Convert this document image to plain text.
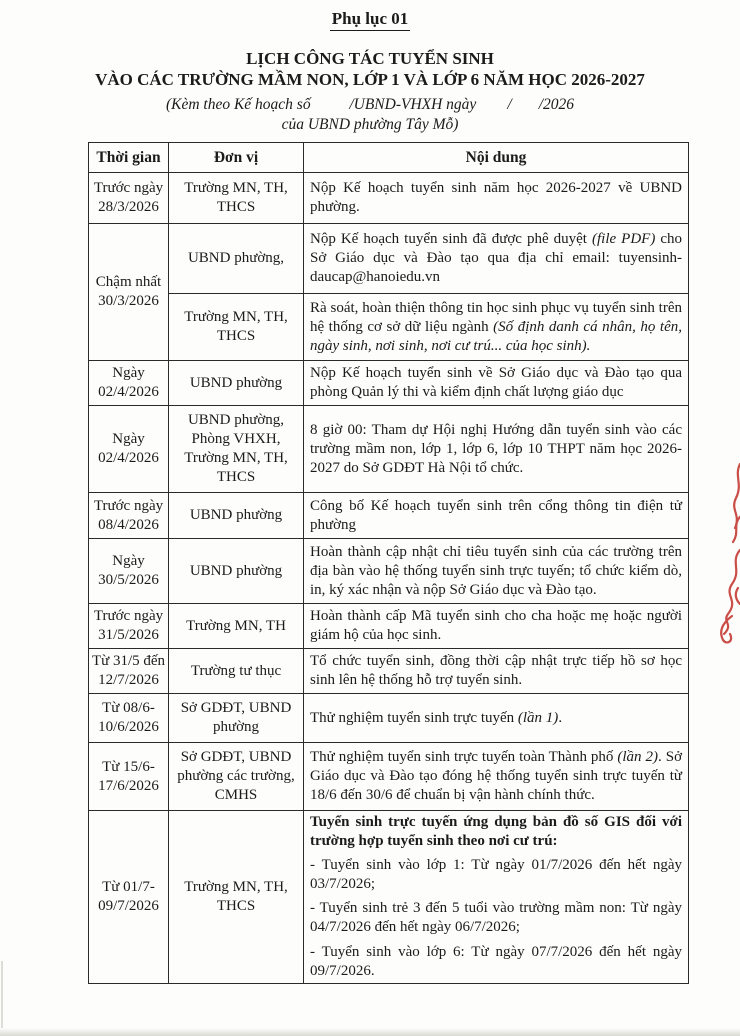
Phụ lục 01

LỊCH CÔNG TÁC TUYỂN SINH

VÀO CÁC TRƯỜNG MẦM NON, LỚP 1 VÀ LỚP 6 NĂM HỌC 2026-2027

(Kèm theo Kế hoạch số          /UBND-VHXH ngày        /       /2026

của UBND phường Tây Mỗ)

Thời gian	Đơn vị	Nội dung
Trước ngày 28/3/2026	Trường MN, TH, THCS	Nộp Kế hoạch tuyển sinh năm học 2026-2027 về UBND phường.

Chậm nhất 30/3/2026	UBND phường,	Nộp Kế hoạch tuyển sinh đã được phê duyệt (file PDF) cho Sở Giáo dục và Đào tạo qua địa chỉ email: tuyensinh-daucap@hanoiedu.vn

	Trường MN, TH, THCS	Rà soát, hoàn thiện thông tin học sinh phục vụ tuyển sinh trên hệ thống cơ sở dữ liệu ngành (Số định danh cá nhân, họ tên, ngày sinh, nơi sinh, nơi cư trú... của học sinh).

Ngày 02/4/2026	UBND phường	Nộp Kế hoạch tuyển sinh về Sở Giáo dục và Đào tạo qua phòng Quản lý thi và kiểm định chất lượng giáo dục

Ngày 02/4/2026	UBND phường, Phòng VHXH, Trường MN, TH, THCS	8 giờ 00: Tham dự Hội nghị Hướng dẫn tuyển sinh vào các trường mầm non, lớp 1, lớp 6, lớp 10 THPT năm học 2026-2027 do Sở GDĐT Hà Nội tổ chức.

Trước ngày 08/4/2026	UBND phường	Công bố Kế hoạch tuyển sinh trên cổng thông tin điện tử phường

Ngày 30/5/2026	UBND phường	Hoàn thành cập nhật chỉ tiêu tuyển sinh của các trường trên địa bàn vào hệ thống tuyển sinh trực tuyến; tổ chức kiểm dò, in, ký xác nhận và nộp Sở Giáo dục và Đào tạo.

Trước ngày 31/5/2026	Trường MN, TH	Hoàn thành cấp Mã tuyển sinh cho cha hoặc mẹ hoặc người giám hộ của học sinh.

Từ 31/5 đến 12/7/2026	Trường tư thục	Tổ chức tuyển sinh, đồng thời cập nhật trực tiếp hồ sơ học sinh lên hệ thống hỗ trợ tuyển sinh.

Từ 08/6-10/6/2026	Sở GDĐT, UBND phường	Thử nghiệm tuyển sinh trực tuyến (lần 1).

Từ 15/6-17/6/2026	Sở GDĐT, UBND phường các trường, CMHS	Thử nghiệm tuyển sinh trực tuyến toàn Thành phố (lần 2). Sở Giáo dục và Đào tạo đóng hệ thống tuyển sinh trực tuyến từ 18/6 đến 30/6 để chuẩn bị vận hành chính thức.

Từ 01/7-09/7/2026	Trường MN, TH, THCS	Tuyển sinh trực tuyến ứng dụng bản đồ số GIS đối với trường hợp tuyển sinh theo nơi cư trú:
- Tuyển sinh vào lớp 1: Từ ngày 01/7/2026 đến hết ngày 03/7/2026;
- Tuyển sinh trẻ 3 đến 5 tuổi vào trường mầm non: Từ ngày 04/7/2026 đến hết ngày 06/7/2026;
- Tuyển sinh vào lớp 6: Từ ngày 07/7/2026 đến hết ngày 09/7/2026.
